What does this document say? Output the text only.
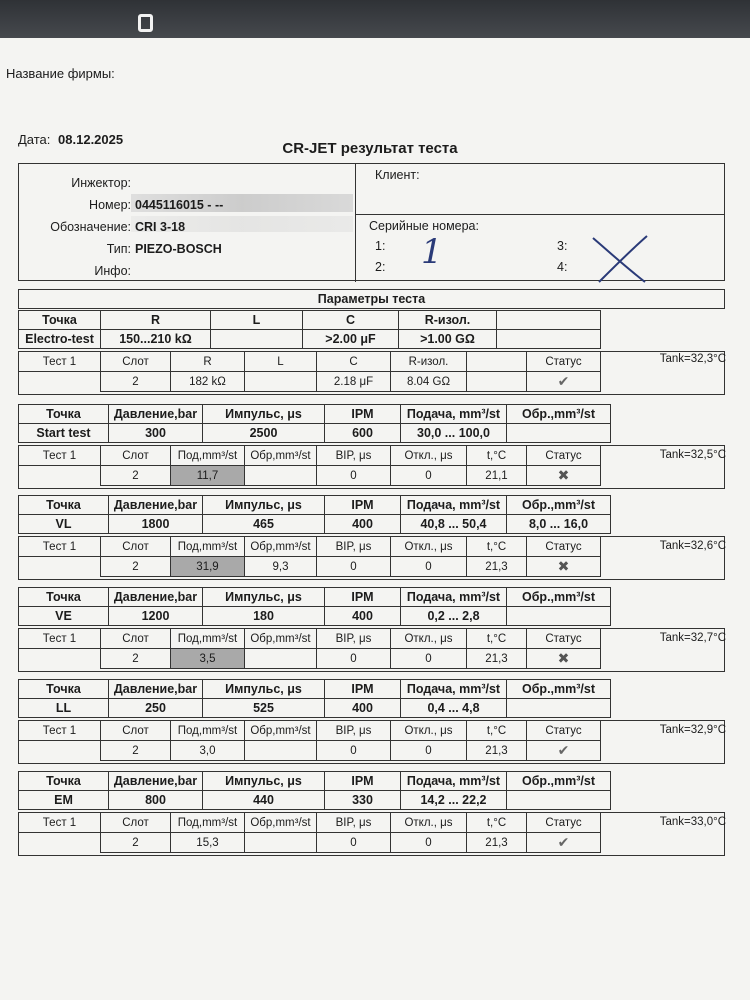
Название фирмы:
Дата: 08.12.2025
CR-JET результат теста
Инжектор:
Номер: 0445116015 - --
Обозначение: CRI 3-18
Тип: PIEZO-BOSCH
Инфо:
Клиент:
Серийные номера:
1:
2:
3:
4:
1
Параметры теста
Точка	R	L	C	R-изол.	
Electro-test	150...210 kΩ		>2.00 μF	>1.00 GΩ	
Тест 1	Слот	R	L	C	R-изол.		Статус
	2	182 kΩ		2.18 μF	8.04 GΩ		✔
Tank=32,3°C
Точка	Давление,bar	Импульс, μs	IPM	Подача, mm³/st	Обр.,mm³/st
Start test	300	2500	600	30,0 ... 100,0	
Тест 1	Слот	Под,mm³/st	Обр,mm³/st	BIP, μs	Откл., μs	t,°C	Статус
	2	11,7		0	0	21,1	✖
Tank=32,5°C
Точка	Давление,bar	Импульс, μs	IPM	Подача, mm³/st	Обр.,mm³/st
VL	1800	465	400	40,8 ... 50,4	8,0 ... 16,0
Тест 1	Слот	Под,mm³/st	Обр,mm³/st	BIP, μs	Откл., μs	t,°C	Статус
	2	31,9	9,3	0	0	21,3	✖
Tank=32,6°C
Точка	Давление,bar	Импульс, μs	IPM	Подача, mm³/st	Обр.,mm³/st
VE	1200	180	400	0,2 ... 2,8	
Тест 1	Слот	Под,mm³/st	Обр,mm³/st	BIP, μs	Откл., μs	t,°C	Статус
	2	3,5		0	0	21,3	✖
Tank=32,7°C
Точка	Давление,bar	Импульс, μs	IPM	Подача, mm³/st	Обр.,mm³/st
LL	250	525	400	0,4 ... 4,8	
Тест 1	Слот	Под,mm³/st	Обр,mm³/st	BIP, μs	Откл., μs	t,°C	Статус
	2	3,0		0	0	21,3	✔
Tank=32,9°C
Точка	Давление,bar	Импульс, μs	IPM	Подача, mm³/st	Обр.,mm³/st
EM	800	440	330	14,2 ... 22,2	
Тест 1	Слот	Под,mm³/st	Обр,mm³/st	BIP, μs	Откл., μs	t,°C	Статус
	2	15,3		0	0	21,3	✔
Tank=33,0°C
